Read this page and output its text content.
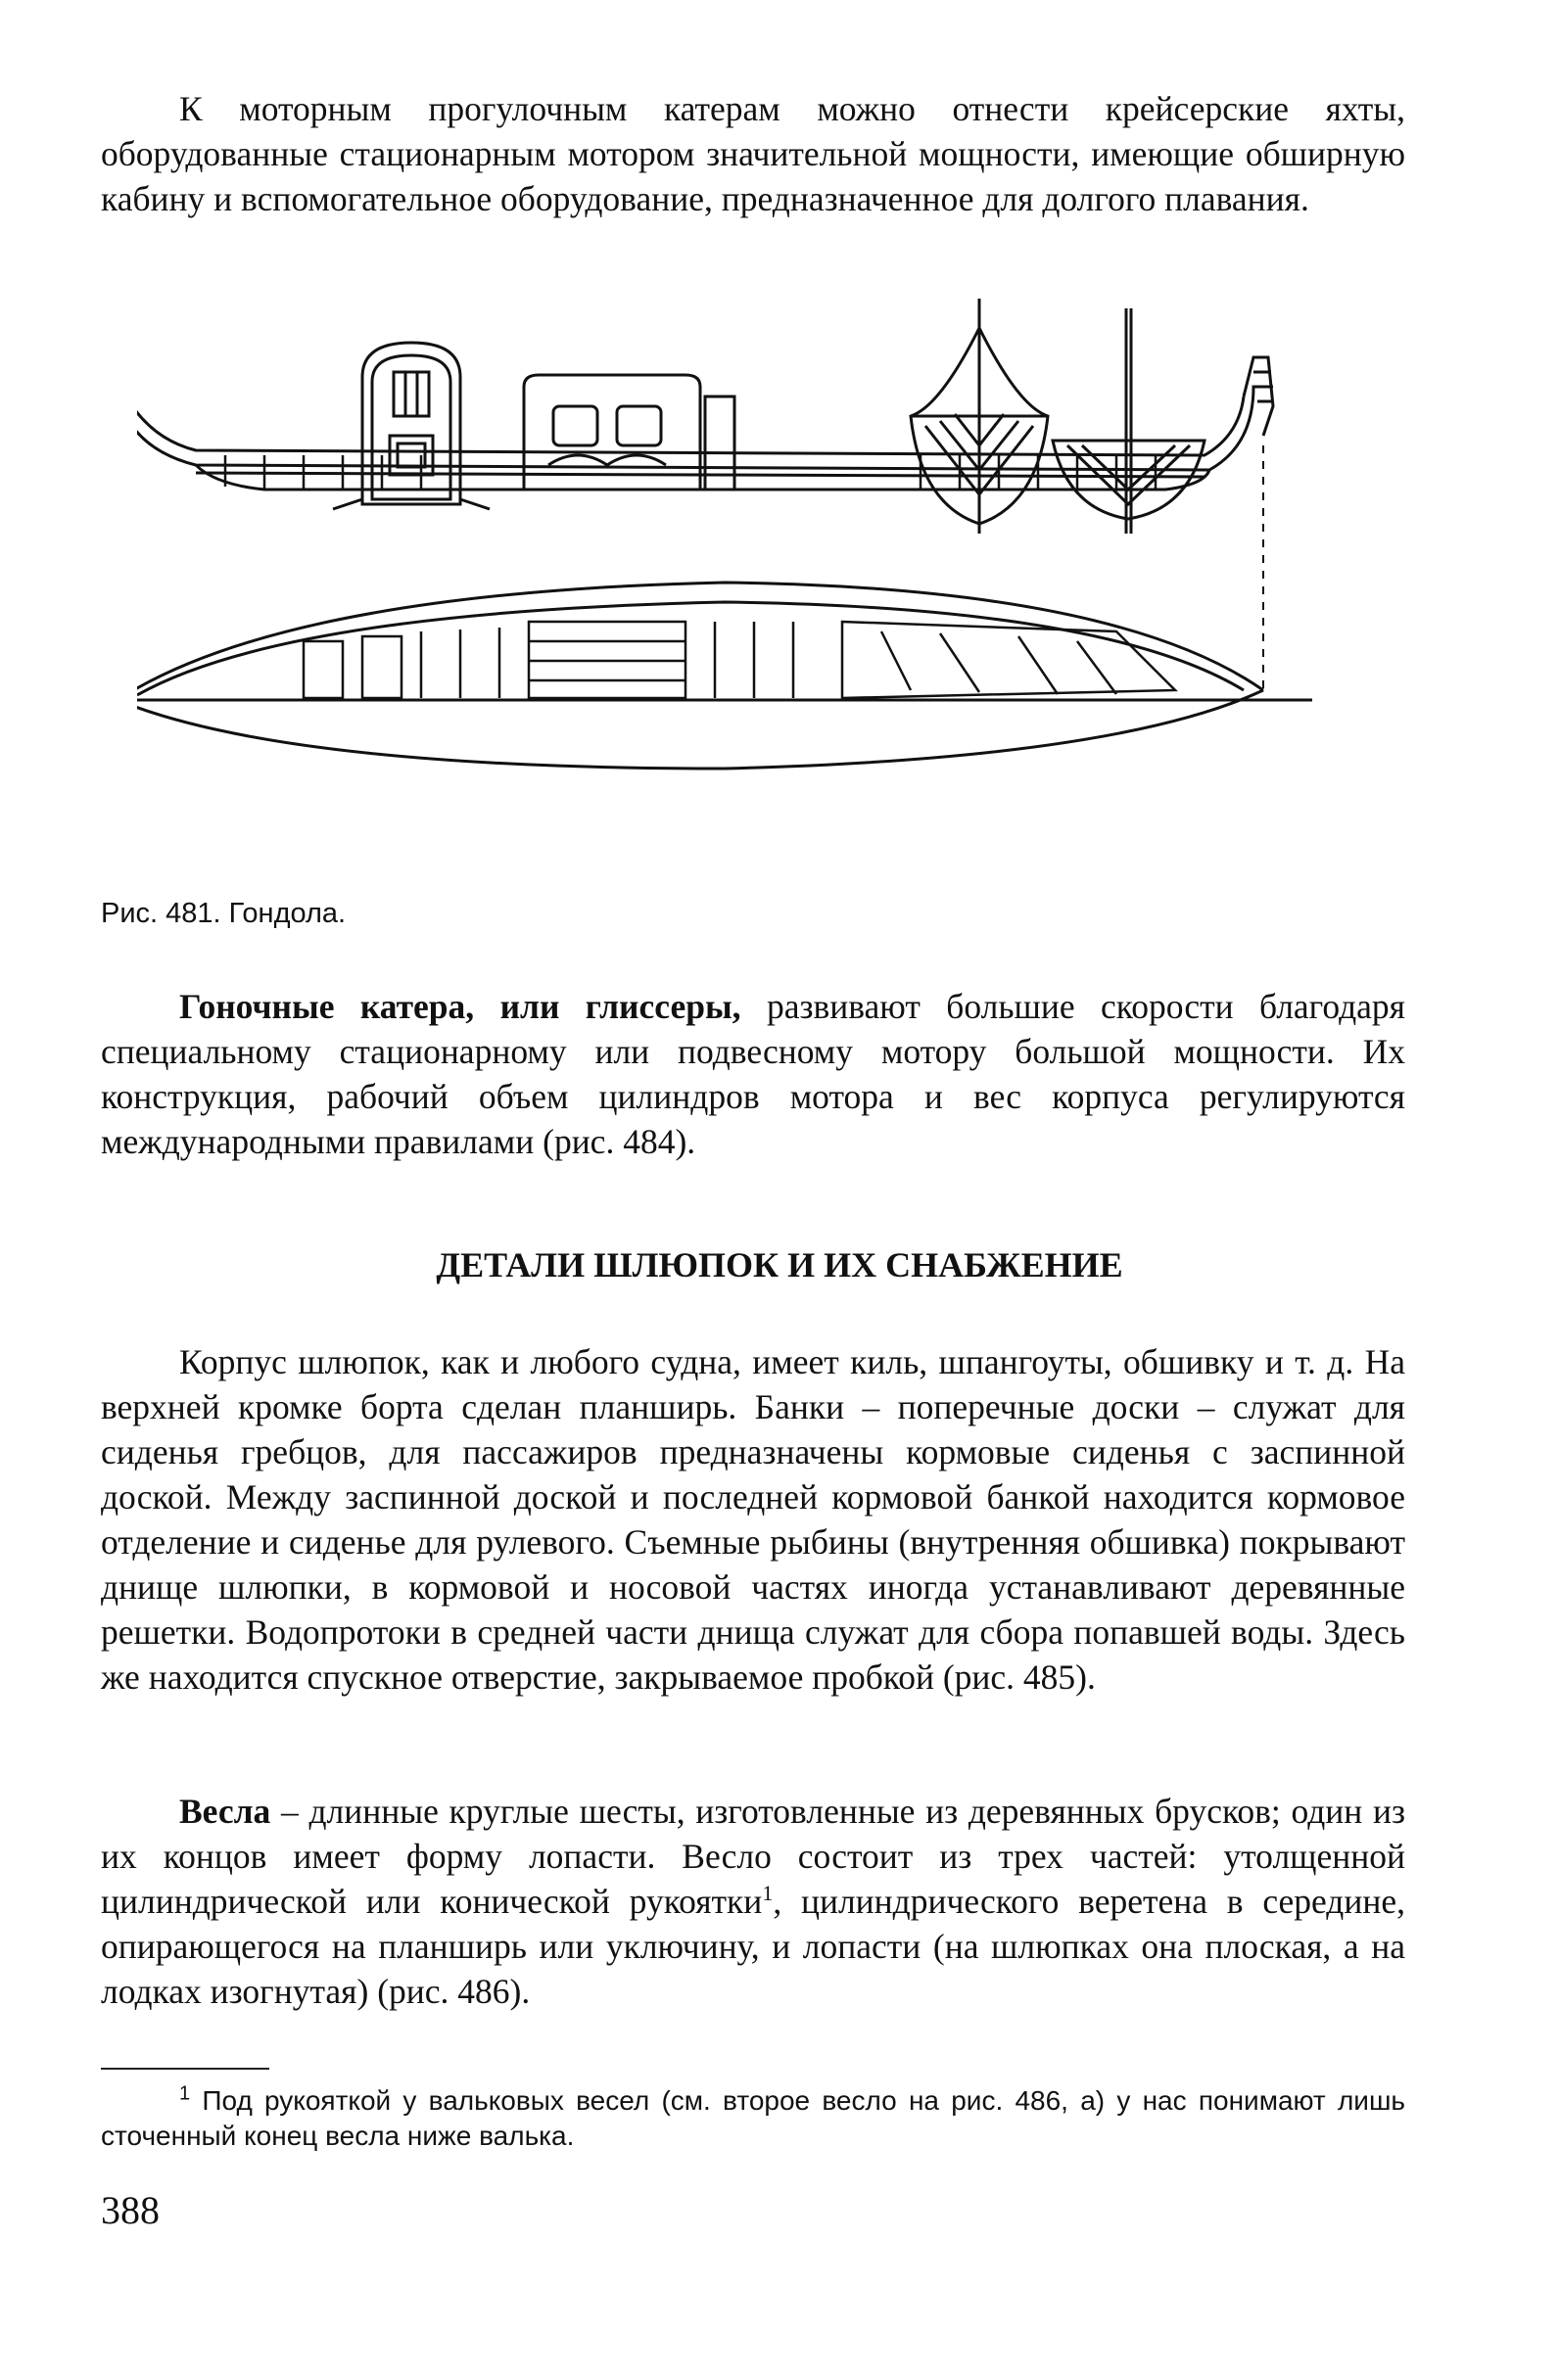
К моторным прогулочным катерам можно отнести крейсерские яхты, оборудованные стационарным мотором значительной мощности, имеющие обширную кабину и вспомогательное оборудование, предназначенное для долгого плавания.

Рис. 481. Гондола.

Гоночные катера, или глиссеры, развивают большие скорости благодаря специальному стационарному или подвесному мотору большой мощности. Их конструкция, рабочий объем цилиндров мотора и вес корпуса регулируются международными правилами (рис. 484).

ДЕТАЛИ ШЛЮПОК И ИХ СНАБЖЕНИЕ

Корпус шлюпок, как и любого судна, имеет киль, шпангоуты, обшивку и т. д. На верхней кромке борта сделан планширь. Банки – поперечные доски – служат для сиденья гребцов, для пассажиров предназначены кормовые сиденья с заспинной доской. Между заспинной доской и последней кормовой банкой находится кормовое отделение и сиденье для рулевого. Съемные рыбины (внутренняя обшивка) покрывают днище шлюпки, в кормовой и носовой частях иногда устанавливают деревянные решетки. Водопротоки в средней части днища служат для сбора попавшей воды. Здесь же находится спускное отверстие, закрываемое пробкой (рис. 485).

Весла – длинные круглые шесты, изготовленные из деревянных брусков; один из их концов имеет форму лопасти. Весло состоит из трех частей: утолщенной цилиндрической или конической рукоятки$^1$, цилиндрического веретена в середине, опирающегося на планширь или уключину, и лопасти (на шлюпках она плоская, а на лодках изогнутая) (рис. 486).

$^1$ Под рукояткой у вальковых весел (см. второе весло на рис. 486, а) у нас понимают лишь сточенный конец весла ниже валька.

388
